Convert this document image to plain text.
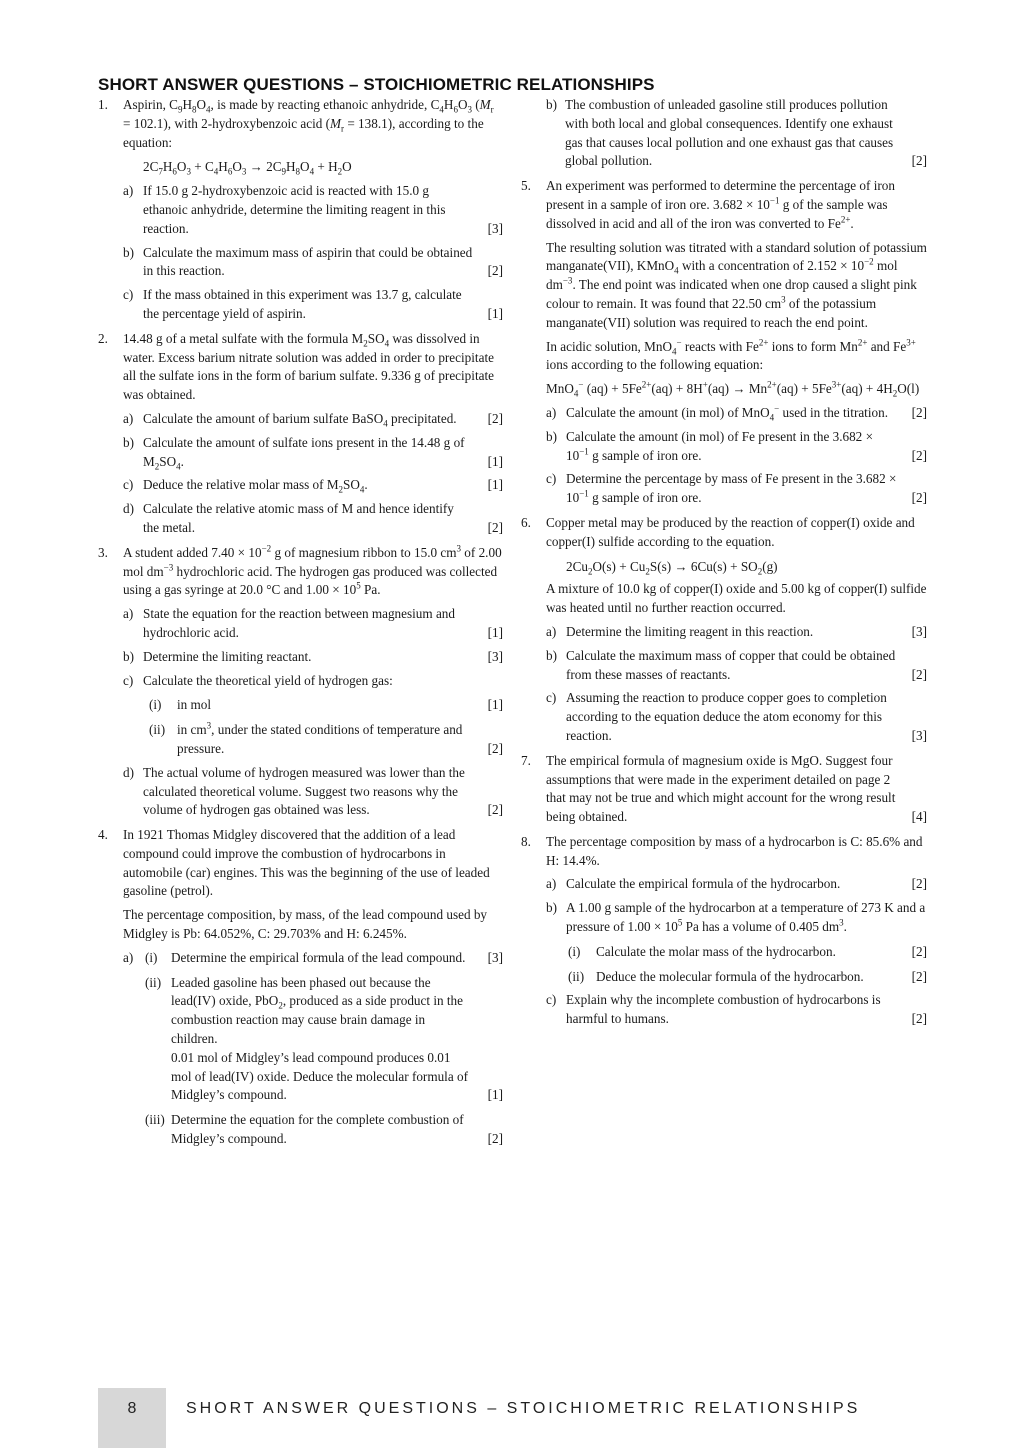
SHORT ANSWER QUESTIONS – STOICHIOMETRIC RELATIONSHIPS
1. Aspirin, $C_9H_8O_4$, is made by reacting ethanoic anhydride, $C_4H_6O_3$ $(M_r = 102.1)$, with 2-hydroxybenzoic acid $(M_r = 138.1)$, according to the equation:

$2C_7H_6O_3 + C_4H_6O_3 \to 2C_9H_8O_4 + H_2O$

a) If 15.0 g 2-hydroxybenzoic acid is reacted with 15.0 g ethanoic anhydride, determine the limiting reagent in this reaction.	[3]
b) Calculate the maximum mass of aspirin that could be obtained in this reaction.	[2]
c) If the mass obtained in this experiment was 13.7 g, calculate the percentage yield of aspirin.	[1]
2. 14.48 g of a metal sulfate with the formula $M_2SO_4$ was dissolved in water. Excess barium nitrate solution was added in order to precipitate all the sulfate ions in the form of barium sulfate. 9.336 g of precipitate was obtained.

a) Calculate the amount of barium sulfate BaSO$_4$ precipitated. [2]
b) Calculate the amount of sulfate ions present in the 14.48 g of $M_2SO_4$.	[1]
c) Deduce the relative molar mass of $M_2SO_4$.	[1]
d) Calculate the relative atomic mass of M and hence identify the metal.	[2]
3. A student added $7.40 \times 10^{-2}$ g of magnesium ribbon to 15.0 $cm^3$ of 2.00 mol $dm^{-3}$ hydrochloric acid. The hydrogen gas produced was collected using a gas syringe at 20.0 °C and $1.00 \times 10^5$ Pa.

a) State the equation for the reaction between magnesium and hydrochloric acid.	[1]
b) Determine the limiting reactant.	[3]
c) Calculate the theoretical yield of hydrogen gas:
(i) in mol	[1]
(ii) in $cm^3$, under the stated conditions of temperature and pressure.	[2]
d) The actual volume of hydrogen measured was lower than the calculated theoretical volume. Suggest two reasons why the volume of hydrogen gas obtained was less.	[2]
4. In 1921 Thomas Midgley discovered that the addition of a lead compound could improve the combustion of hydrocarbons in automobile (car) engines. This was the beginning of the use of leaded gasoline (petrol).

The percentage composition, by mass, of the lead compound used by Midgley is Pb: 64.052%, C: 29.703% and H: 6.245%.

a) (i) Determine the empirical formula of the lead compound. [3]
(ii) Leaded gasoline has been phased out because the lead(IV) oxide, PbO$_2$, produced as a side product in the combustion reaction may cause brain damage in children.
0.01 mol of Midgley’s lead compound produces 0.01 mol of lead(IV) oxide. Deduce the molecular formula of Midgley’s compound.	[1]
(iii) Determine the equation for the complete combustion of Midgley’s compound.	[2]
b) The combustion of unleaded gasoline still produces pollution with both local and global consequences. Identify one exhaust gas that causes local pollution and one exhaust gas that causes global pollution.	[2]
5. An experiment was performed to determine the percentage of iron present in a sample of iron ore. $3.682 \times 10^{-1}$ g of the sample was dissolved in acid and all of the iron was converted to $Fe^{2+}$.

The resulting solution was titrated with a standard solution of potassium manganate(VII), KMnO$_4$ with a concentration of $2.152 \times 10^{-2}$ mol $dm^{-3}$. The end point was indicated when one drop caused a slight pink colour to remain. It was found that 22.50 $cm^3$ of the potassium manganate(VII) solution was required to reach the end point.

In acidic solution, MnO$_4$− reacts with $Fe^{2+}$ ions to form $Mn^{2+}$ and $Fe^{3+}$ ions according to the following equation:

MnO$_4$− $(aq) + 5Fe^{2+}(aq) + 8H^+(aq) \to Mn^{2+}(aq) + 5Fe^{3+}(aq) + 4H_2O(l)$

a) Calculate the amount (in mol) of MnO$_4$− used in the titration. [2]
b) Calculate the amount (in mol) of Fe present in the $3.682 \times 10^{-1}$ g sample of iron ore.	[2]
c) Determine the percentage by mass of Fe present in the $3.682 \times 10^{-1}$ g sample of iron ore.	[2]
6. Copper metal may be produced by the reaction of copper(I) oxide and copper(I) sulfide according to the equation.

$2Cu_2O(s) + Cu_2S(s) \to 6Cu(s) + SO_2(g)$

A mixture of 10.0 kg of copper(I) oxide and 5.00 kg of copper(I) sulfide was heated until no further reaction occurred.

a) Determine the limiting reagent in this reaction.	[3]
b) Calculate the maximum mass of copper that could be obtained from these masses of reactants.	[2]
c) Assuming the reaction to produce copper goes to completion according to the equation deduce the atom economy for this reaction.	[3]
7. The empirical formula of magnesium oxide is MgO. Suggest four assumptions that were made in the experiment detailed on page 2 that may not be true and which might account for the wrong result being obtained.	[4]
8. The percentage composition by mass of a hydrocarbon is C: 85.6% and H: 14.4%.

a) Calculate the empirical formula of the hydrocarbon.	[2]
b) A 1.00 g sample of the hydrocarbon at a temperature of 273 K and a pressure of $1.00 \times 10^5$ Pa has a volume of 0.405 $dm^3$.
(i) Calculate the molar mass of the hydrocarbon.	[2]
(ii) Deduce the molecular formula of the hydrocarbon.	[2]
c) Explain why the incomplete combustion of hydrocarbons is harmful to humans.	[2]
8	SHORT ANSWER QUESTIONS – STOICHIOMETRIC RELATIONSHIPS
